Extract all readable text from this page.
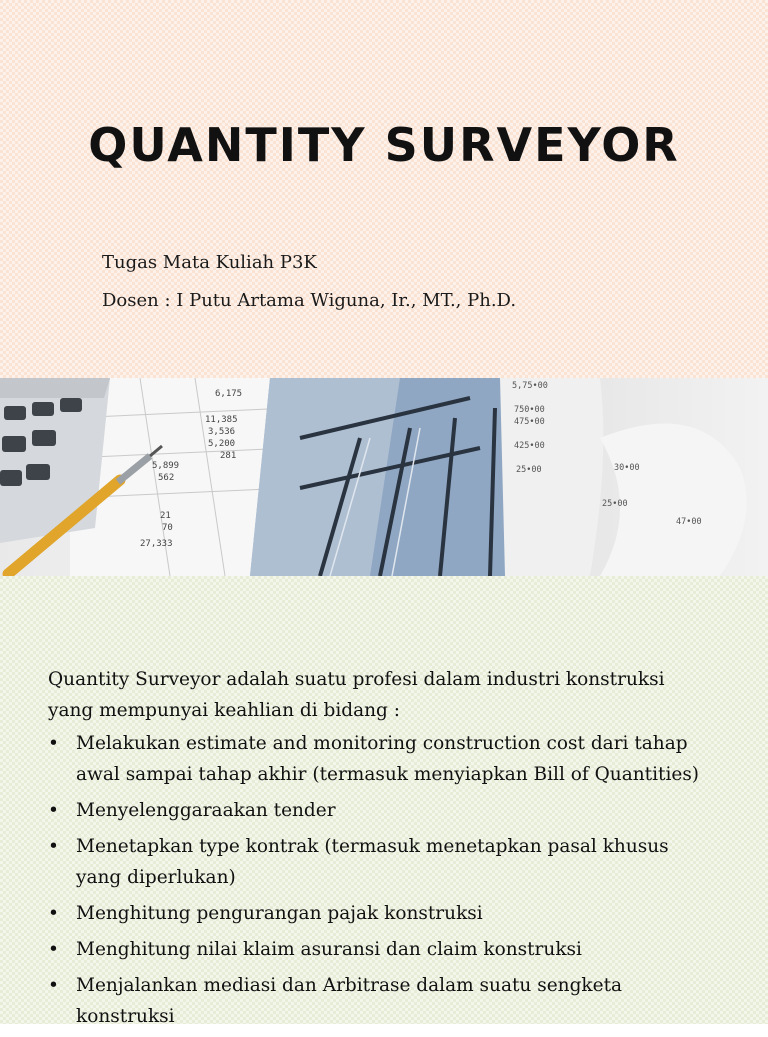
QUANTITY SURVEYOR
Tugas Mata Kuliah P3K
Dosen : I Putu Artama Wiguna, Ir., MT., Ph.D.
6,175
11,385
3,536
5,200
5,899
562
281
27,333
21
70
5,75•00
750•00
475•00
425•00
25•00	30•00
25•00
47•00
Quantity Surveyor adalah suatu profesi dalam industri konstruksi
yang mempunyai keahlian di bidang :
• Melakukan estimate and monitoring construction cost dari tahap
awal sampai tahap akhir (termasuk menyiapkan Bill of Quantities)
• Menyelenggaraakan tender
• Menetapkan type kontrak (termasuk menetapkan pasal khusus
yang diperlukan)
• Menghitung pengurangan pajak konstruksi
• Menghitung nilai klaim asuransi dan claim konstruksi
• Menjalankan mediasi dan Arbitrase dalam suatu sengketa
konstruksi
